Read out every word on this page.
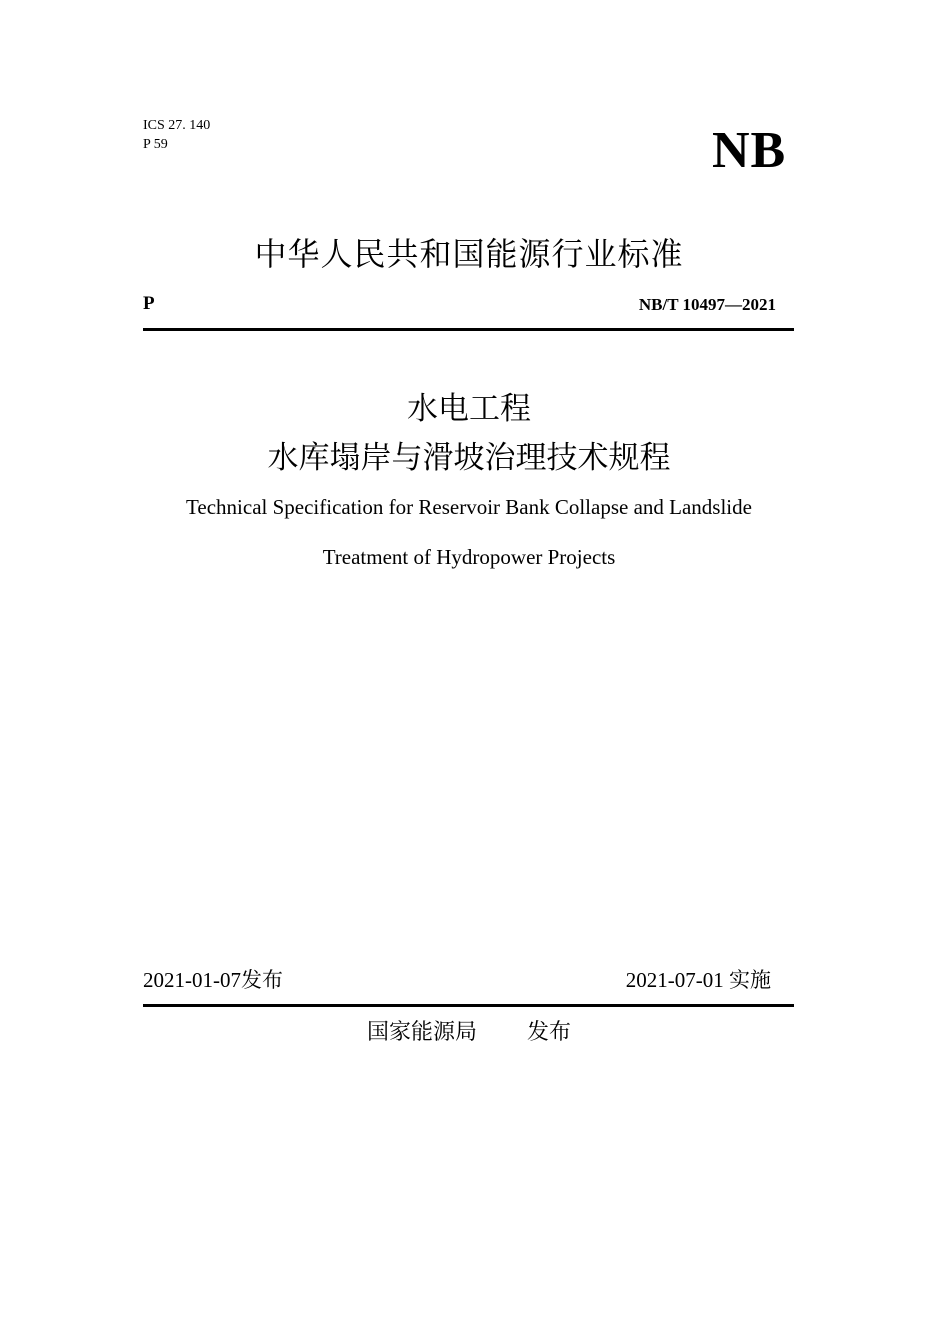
ICS 27. 140
P 59	NB
中华人民共和国能源行业标准
P	NB/T 10497—2021
水电工程
水库塌岸与滑坡治理技术规程
Technical Specification for Reservoir Bank Collapse and Landslide
Treatment of Hydropower Projects
2021-01-07发布	2021-07-01 实施
国家能源局 发布
